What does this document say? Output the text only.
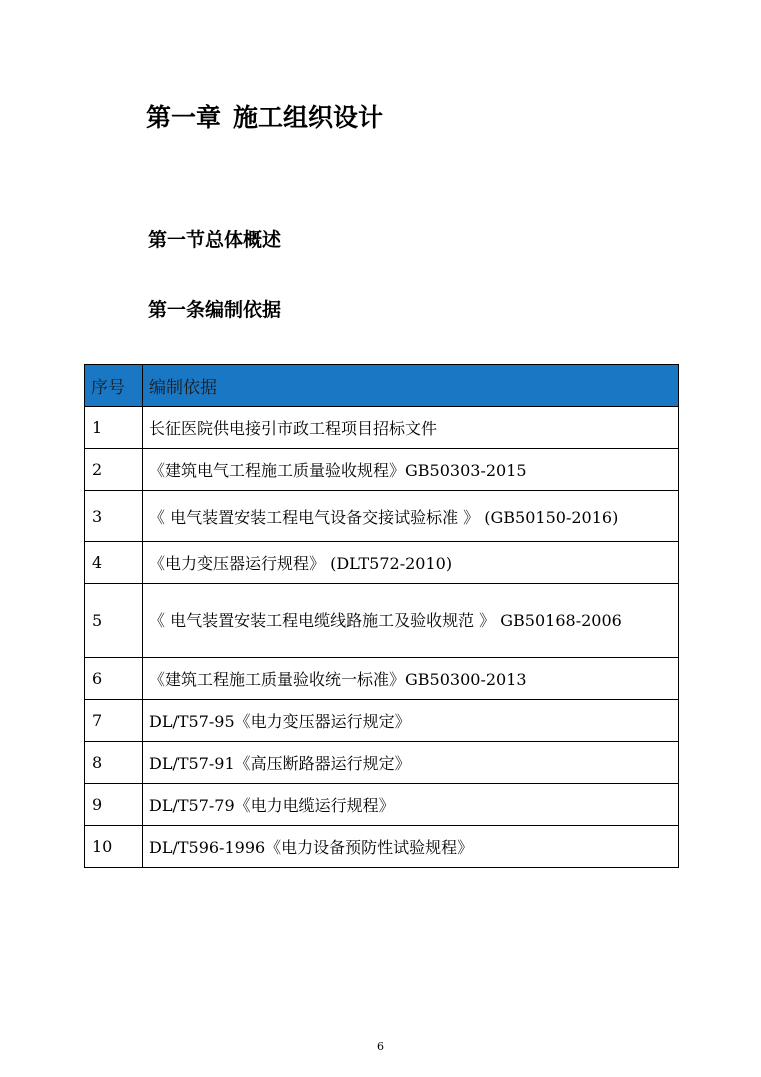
第一章 施工组织设计
第一节总体概述
第一条编制依据
序号	编制依据
1	长征医院供电接引市政工程项目招标文件
2	《建筑电气工程施工质量验收规程》GB50303-2015
3	《 电气装置安装工程电气设备交接试验标准 》 (GB50150-2016)
4	《电力变压器运行规程》 (DLT572-2010)
5	《 电气装置安装工程电缆线路施工及验收规范 》 GB50168-2006
6	《建筑工程施工质量验收统一标准》GB50300-2013
7	DL/T57-95《电力变压器运行规定》
8	DL/T57-91《高压断路器运行规定》
9	DL/T57-79《电力电缆运行规程》
10	DL/T596-1996《电力设备预防性试验规程》
6
